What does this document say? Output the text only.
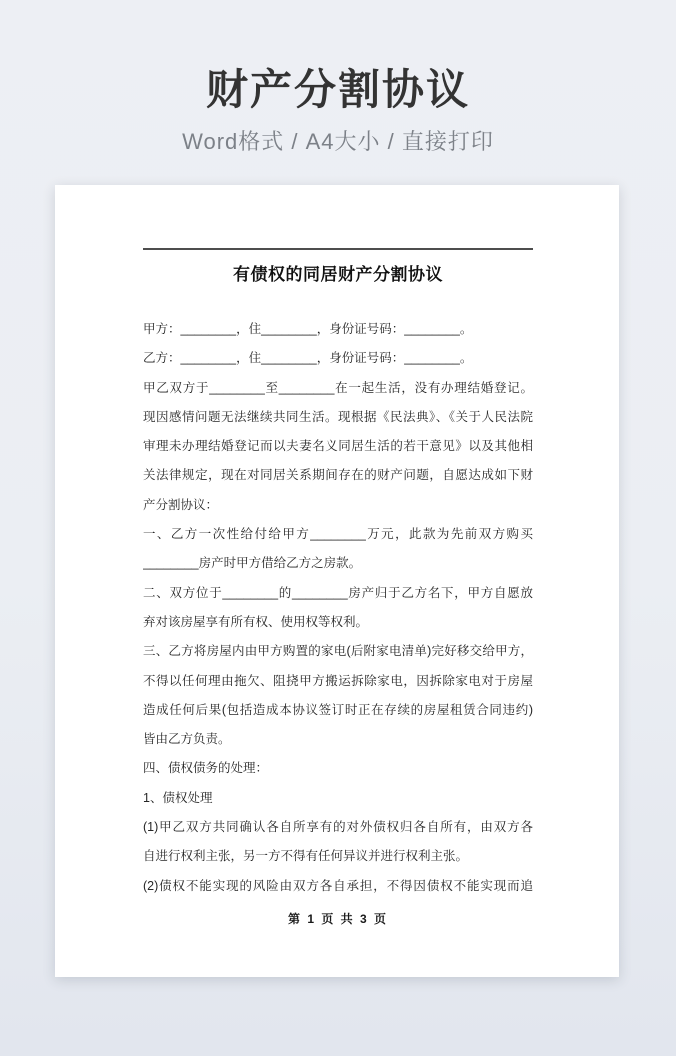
财产分割协议
Word格式 / A4大小 / 直接打印
有债权的同居财产分割协议
甲方：________，住________，身份证号码：________。
乙方：________，住________，身份证号码：________。
甲乙双方于________至________在一起生活，没有办理结婚登记。
现因感情问题无法继续共同生活。现根据《民法典》、《关于人民法院
审理未办理结婚登记而以夫妻名义同居生活的若干意见》以及其他相
关法律规定，现在对同居关系期间存在的财产问题，自愿达成如下财
产分割协议：
一、乙方一次性给付给甲方________万元，此款为先前双方购买
________房产时甲方借给乙方之房款。
二、双方位于________的________房产归于乙方名下，甲方自愿放
弃对该房屋享有所有权、使用权等权利。
三、乙方将房屋内由甲方购置的家电(后附家电清单)完好移交给甲方，
不得以任何理由拖欠、阻挠甲方搬运拆除家电，因拆除家电对于房屋
造成任何后果(包括造成本协议签订时正在存续的房屋租赁合同违约)
皆由乙方负责。
四、债权债务的处理：
1、债权处理
(1)甲乙双方共同确认各自所享有的对外债权归各自所有，由双方各
自进行权利主张，另一方不得有任何异议并进行权利主张。
(2)债权不能实现的风险由双方各自承担，不得因债权不能实现而追
第 1 页 共 3 页
